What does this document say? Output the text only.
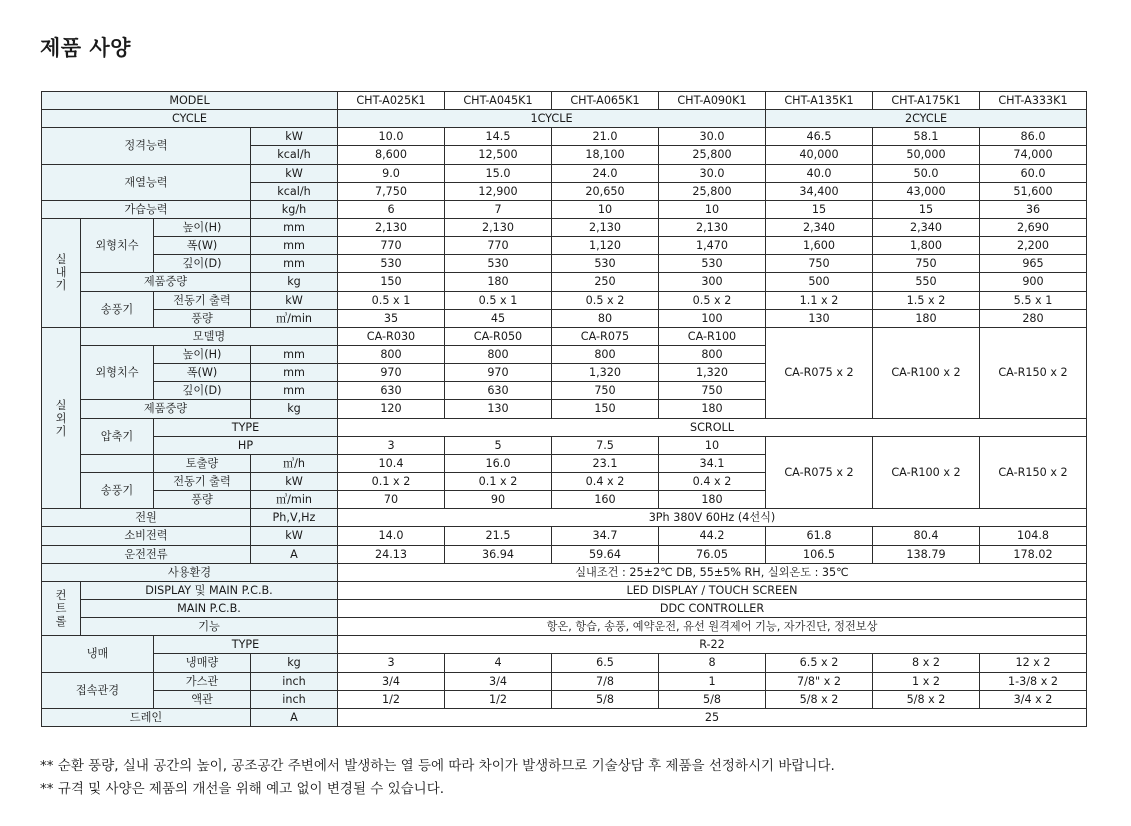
제품 사양
MODEL				CHT-A025K1	CHT-A045K1	CHT-A065K1	CHT-A090K1	CHT-A135K1	CHT-A175K1	CHT-A333K1
CYCLE				1CYCLE				2CYCLE		
정격능력			kW	10.0	14.5	21.0	30.0	46.5	58.1	86.0
			kcal/h	8,600	12,500	18,100	25,800	40,000	50,000	74,000
재열능력			kW	9.0	15.0	24.0	30.0	40.0	50.0	60.0
			kcal/h	7,750	12,900	20,650	25,800	34,400	43,000	51,600
가습능력			kg/h	6	7	10	10	15	15	36
실
내
기	외형치수	높이(H)	mm	2,130	2,130	2,130	2,130	2,340	2,340	2,690
		폭(W)	mm	770	770	1,120	1,470	1,600	1,800	2,200
		깊이(D)	mm	530	530	530	530	750	750	965
	제품중량		kg	150	180	250	300	500	550	900
	송풍기	전동기 출력	kW	0.5 x 1	0.5 x 1	0.5 x 2	0.5 x 2	1.1 x 2	1.5 x 2	5.5 x 1
		풍량	㎥/min	35	45	80	100	130	180	280
실
외
기	모델명			CA-R030	CA-R050	CA-R075	CA-R100	CA-R075 x 2	CA-R100 x 2	CA-R150 x 2
	외형치수	높이(H)	mm	800	800	800	800			
		폭(W)	mm	970	970	1,320	1,320			
		깊이(D)	mm	630	630	750	750			
	제품중량		kg	120	130	150	180			
	압축기	TYPE		SCROLL						
		HP		3	5	7.5	10	CA-R075 x 2	CA-R100 x 2	CA-R150 x 2
		토출량	㎥/h	10.4	16.0	23.1	34.1			
	송풍기	전동기 출력	kW	0.1 x 2	0.1 x 2	0.4 x 2	0.4 x 2			
		풍량	㎥/min	70	90	160	180			
전원			Ph,V,Hz	3Ph 380V 60Hz (4선식)						
소비전력			kW	14.0	21.5	34.7	44.2	61.8	80.4	104.8
운전전류			A	24.13	36.94	59.64	76.05	106.5	138.79	178.02
사용환경				실내조건 : 25±2℃ DB, 55±5% RH, 실외온도 : 35℃						
컨
트
롤	DISPLAY 및 MAIN P.C.B.			LED DISPLAY / TOUCH SCREEN						
	MAIN P.C.B.			DDC CONTROLLER						
	기능			항온, 항습, 송풍, 예약운전, 유선 원격제어 기능, 자가진단, 정전보상						
냉매		TYPE		R-22						
		냉매량	kg	3	4	6.5	8	6.5 x 2	8 x 2	12 x 2
접속관경		가스관	inch	3/4	3/4	7/8	1	7/8" x 2	1 x 2	1-3/8 x 2
		액관	inch	1/2	1/2	5/8	5/8	5/8 x 2	5/8 x 2	3/4 x 2
드레인			A	25						
** 순환 풍량, 실내 공간의 높이, 공조공간 주변에서 발생하는 열 등에 따라 차이가 발생하므로 기술상담 후 제품을 선정하시기 바랍니다.
** 규격 및 사양은 제품의 개선을 위해 예고 없이 변경될 수 있습니다.
